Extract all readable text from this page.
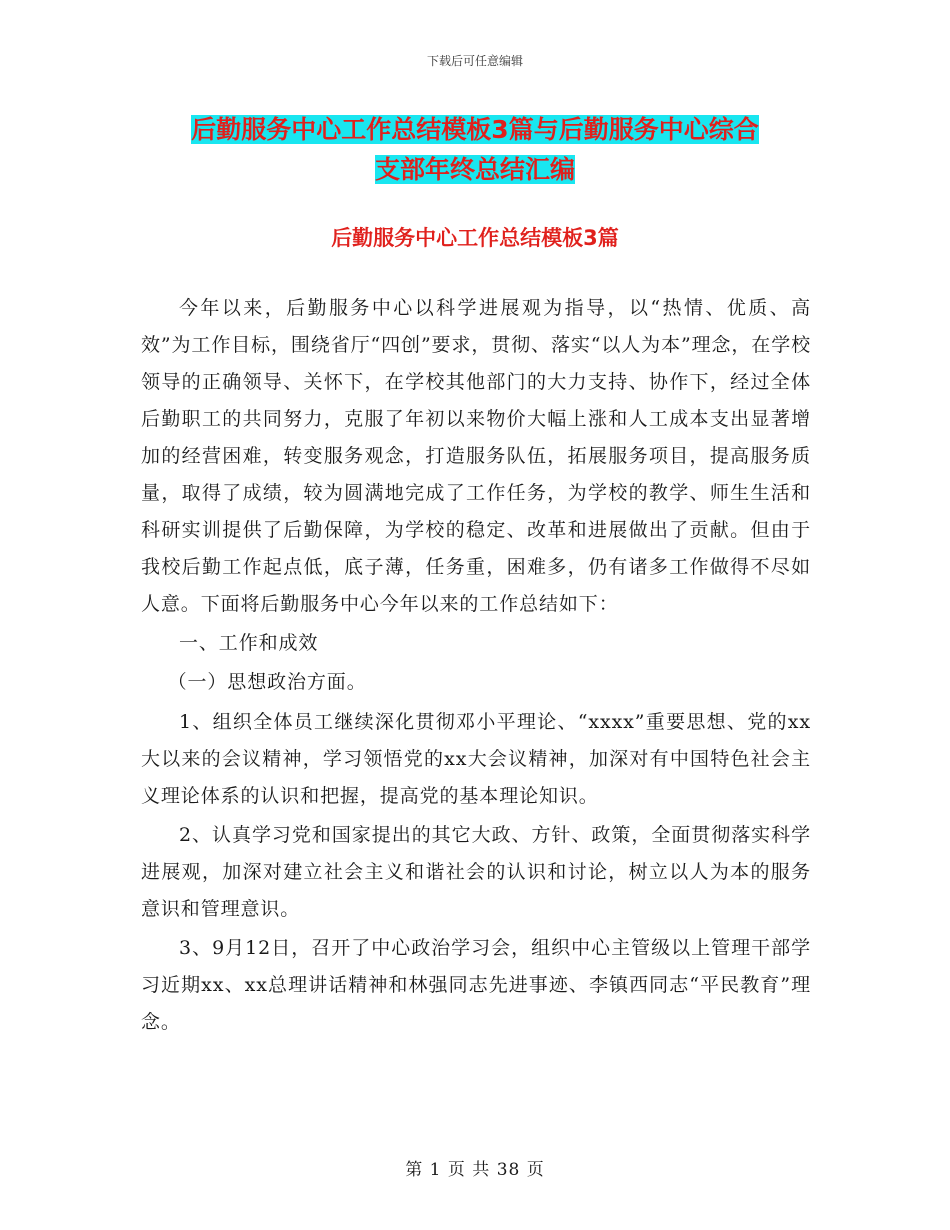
下载后可任意编辑
后勤服务中心工作总结模板3篇与后勤服务中心综合
支部年终总结汇编
后勤服务中心工作总结模板3篇

今年以来，后勤服务中心以科学进展观为指导，以“热情、优质、高效”为工作目标，围绕省厅“四创”要求，贯彻、落实“以人为本”理念，在学校领导的正确领导、关怀下，在学校其他部门的大力支持、协作下，经过全体后勤职工的共同努力，克服了年初以来物价大幅上涨和人工成本支出显著增加的经营困难，转变服务观念，打造服务队伍，拓展服务项目，提高服务质量，取得了成绩，较为圆满地完成了工作任务，为学校的教学、师生生活和科研实训提供了后勤保障，为学校的稳定、改革和进展做出了贡献。但由于我校后勤工作起点低，底子薄，任务重，困难多，仍有诸多工作做得不尽如人意。下面将后勤服务中心今年以来的工作总结如下：

一、工作和成效

（一）思想政治方面。

1、组织全体员工继续深化贯彻邓小平理论、“xxxx”重要思想、党的xx大以来的会议精神，学习领悟党的xx大会议精神，加深对有中国特色社会主义理论体系的认识和把握，提高党的基本理论知识。

2、认真学习党和国家提出的其它大政、方针、政策，全面贯彻落实科学进展观，加深对建立社会主义和谐社会的认识和讨论，树立以人为本的服务意识和管理意识。

3、9月12日，召开了中心政治学习会，组织中心主管级以上管理干部学习近期xx、xx总理讲话精神和林强同志先进事迹、李镇西同志“平民教育”理念。

第 1 页 共 38 页
